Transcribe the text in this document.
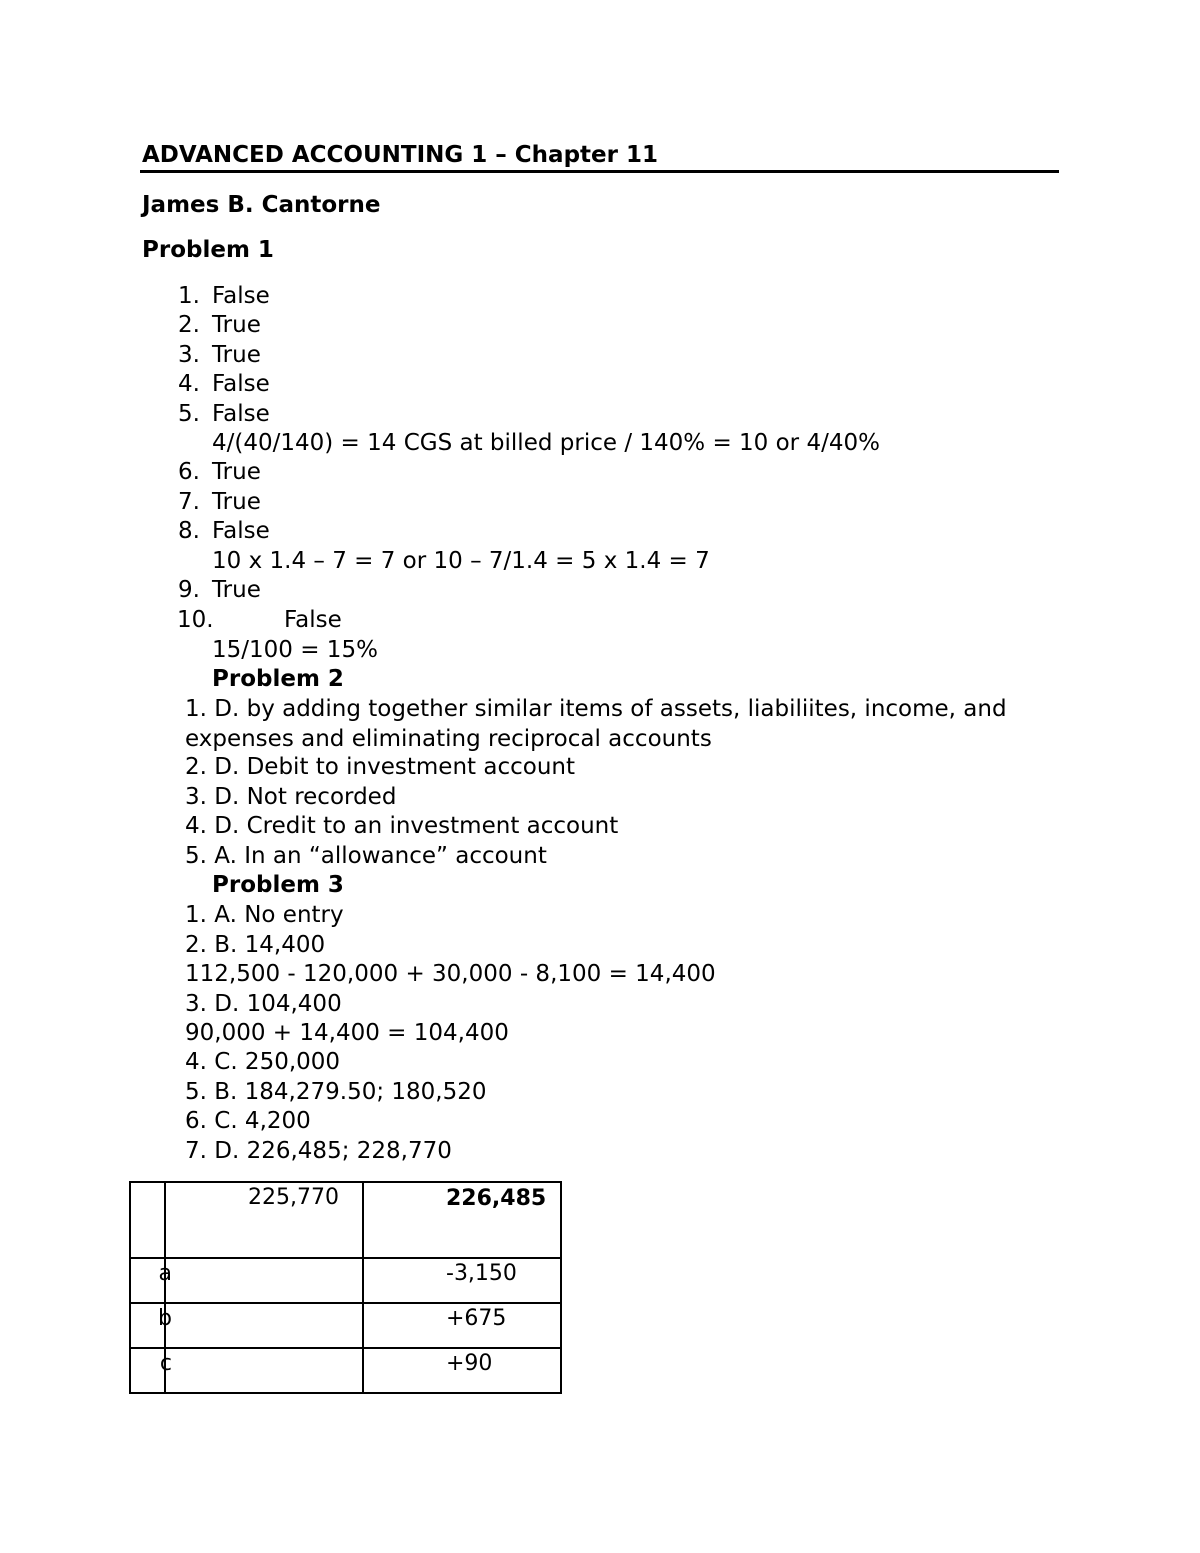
ADVANCED ACCOUNTING 1 – Chapter 11
James B. Cantorne
Problem 1
1. False
2. True
3. True
4. False
5. False
4/(40/140) = 14 CGS at billed price / 140% = 10 or 4/40%
6. True
7. True
8. False
10 x 1.4 – 7 = 7 or 10 – 7/1.4 = 5 x 1.4 = 7
9. True
10.	False
15/100 = 15%
Problem 2
1. D. by adding together similar items of assets, liabiliites, income, and
expenses and eliminating reciprocal accounts
2. D. Debit to investment account
3. D. Not recorded
4. D. Credit to an investment account
5. A. In an “allowance” account
Problem 3
1. A. No entry
2. B. 14,400
112,500 - 120,000 + 30,000 - 8,100 = 14,400
3. D. 104,400
90,000 + 14,400 = 104,400
4. C. 250,000
5. B. 184,279.50; 180,520
6. C. 4,200
7. D. 226,485; 228,770

	225,770	226,485

a		-3,150

b		+675

c		+90
